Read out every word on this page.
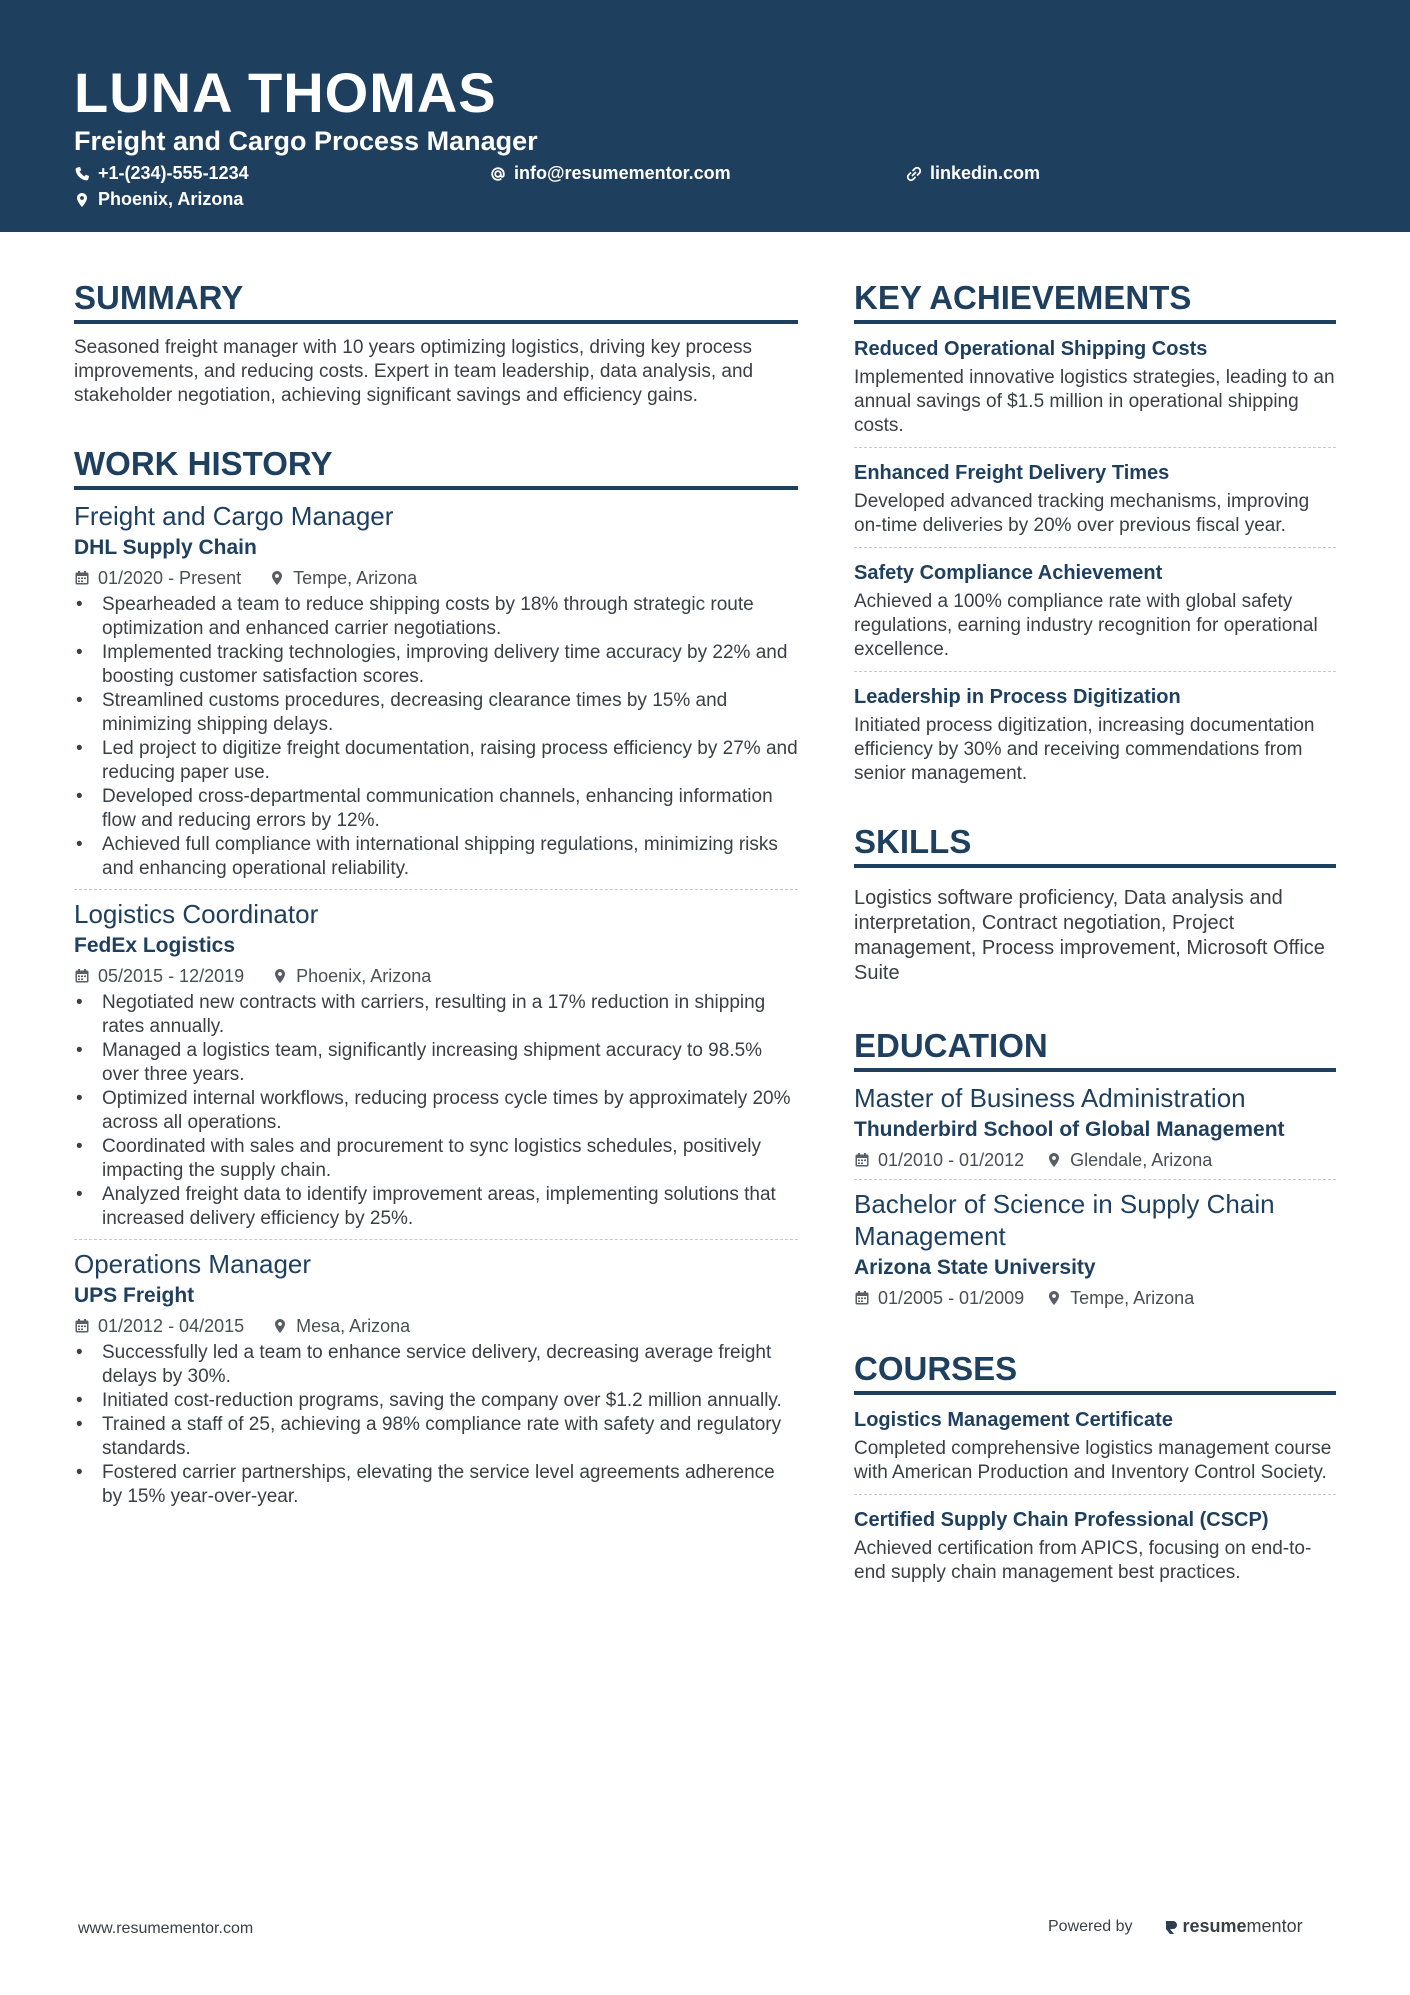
LUNA THOMAS
Freight and Cargo Process Manager
+1-(234)-555-1234	info@resumementor.com	linkedin.com
Phoenix, Arizona
SUMMARY
Seasoned freight manager with 10 years optimizing logistics, driving key process improvements, and reducing costs. Expert in team leadership, data analysis, and stakeholder negotiation, achieving significant savings and efficiency gains.
WORK HISTORY
Freight and Cargo Manager
DHL Supply Chain
01/2020 - Present	Tempe, Arizona
• Spearheaded a team to reduce shipping costs by 18% through strategic route optimization and enhanced carrier negotiations.
• Implemented tracking technologies, improving delivery time accuracy by 22% and boosting customer satisfaction scores.
• Streamlined customs procedures, decreasing clearance times by 15% and minimizing shipping delays.
• Led project to digitize freight documentation, raising process efficiency by 27% and reducing paper use.
• Developed cross-departmental communication channels, enhancing information flow and reducing errors by 12%.
• Achieved full compliance with international shipping regulations, minimizing risks and enhancing operational reliability.
Logistics Coordinator
FedEx Logistics
05/2015 - 12/2019	Phoenix, Arizona
• Negotiated new contracts with carriers, resulting in a 17% reduction in shipping rates annually.
• Managed a logistics team, significantly increasing shipment accuracy to 98.5% over three years.
• Optimized internal workflows, reducing process cycle times by approximately 20% across all operations.
• Coordinated with sales and procurement to sync logistics schedules, positively impacting the supply chain.
• Analyzed freight data to identify improvement areas, implementing solutions that increased delivery efficiency by 25%.
Operations Manager
UPS Freight
01/2012 - 04/2015	Mesa, Arizona
• Successfully led a team to enhance service delivery, decreasing average freight delays by 30%.
• Initiated cost-reduction programs, saving the company over $1.2 million annually.
• Trained a staff of 25, achieving a 98% compliance rate with safety and regulatory standards.
• Fostered carrier partnerships, elevating the service level agreements adherence by 15% year-over-year.
KEY ACHIEVEMENTS
Reduced Operational Shipping Costs
Implemented innovative logistics strategies, leading to an annual savings of $1.5 million in operational shipping costs.
Enhanced Freight Delivery Times
Developed advanced tracking mechanisms, improving on-time deliveries by 20% over previous fiscal year.
Safety Compliance Achievement
Achieved a 100% compliance rate with global safety regulations, earning industry recognition for operational excellence.
Leadership in Process Digitization
Initiated process digitization, increasing documentation efficiency by 30% and receiving commendations from senior management.
SKILLS
Logistics software proficiency, Data analysis and interpretation, Contract negotiation, Project management, Process improvement, Microsoft Office Suite
EDUCATION
Master of Business Administration
Thunderbird School of Global Management
01/2010 - 01/2012	Glendale, Arizona
Bachelor of Science in Supply Chain Management
Arizona State University
01/2005 - 01/2009	Tempe, Arizona
COURSES
Logistics Management Certificate
Completed comprehensive logistics management course with American Production and Inventory Control Society.
Certified Supply Chain Professional (CSCP)
Achieved certification from APICS, focusing on end-to-end supply chain management best practices.
www.resumementor.com	Powered by	resume mentor
